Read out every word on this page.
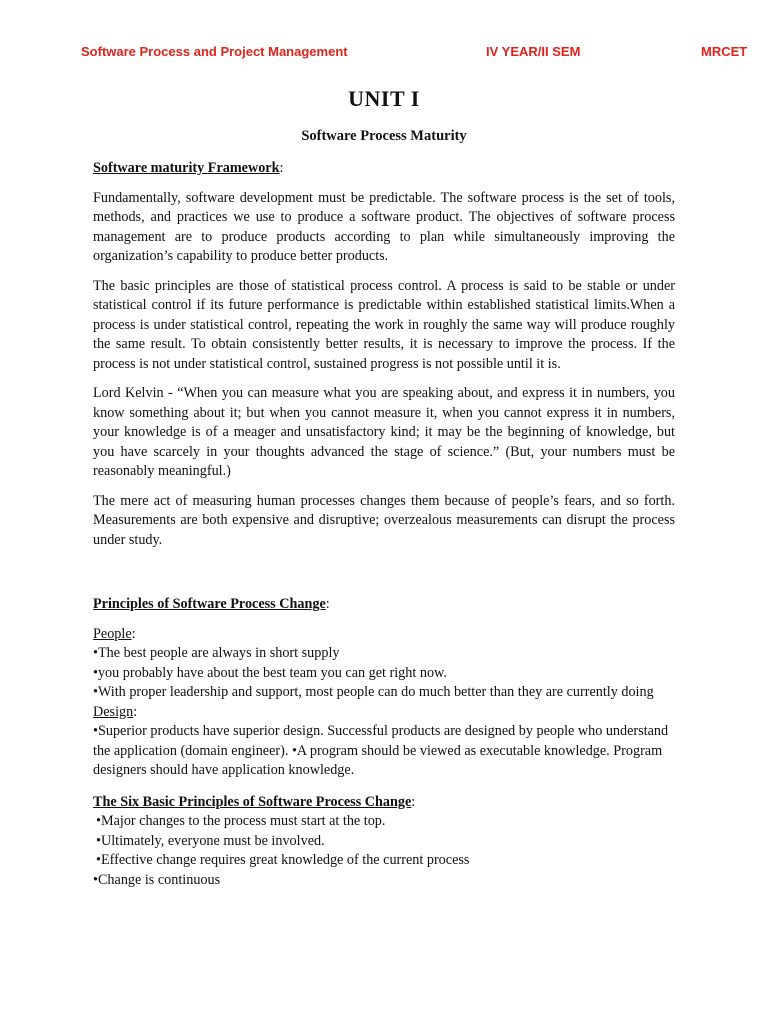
Software Process and Project Management	IV YEAR/II SEM	MRCET
UNIT I
Software Process Maturity

Software maturity Framework:

Fundamentally, software development must be predictable. The software process is the set of tools, methods, and practices we use to produce a software product. The objectives of software process management are to produce products according to plan while simultaneously improving the organization’s capability to produce better products.

The basic principles are those of statistical process control. A process is said to be stable or under statistical control if its future performance is predictable within established statistical limits.When a process is under statistical control, repeating the work in roughly the same way will produce roughly the same result. To obtain consistently better results, it is necessary to improve the process. If the process is not under statistical control, sustained progress is not possible until it is.

Lord Kelvin - “When you can measure what you are speaking about, and express it in numbers, you know something about it; but when you cannot measure it, when you cannot express it in numbers, your knowledge is of a meager and unsatisfactory kind; it may be the beginning of knowledge, but you have scarcely in your thoughts advanced the stage of science.” (But, your numbers must be reasonably meaningful.)

The mere act of measuring human processes changes them because of people’s fears, and so forth. Measurements are both expensive and disruptive; overzealous measurements can disrupt the process under study.

Principles of Software Process Change:

People:

•The best people are always in short supply

•you probably have about the best team you can get right now.

•With proper leadership and support, most people can do much better than they are currently doing

Design:

•Superior products have superior design. Successful products are designed by people who understand the application (domain engineer). •A program should be viewed as executable knowledge. Program designers should have application knowledge.

The Six Basic Principles of Software Process Change:

•Major changes to the process must start at the top.

•Ultimately, everyone must be involved.

•Effective change requires great knowledge of the current process

•Change is continuous
